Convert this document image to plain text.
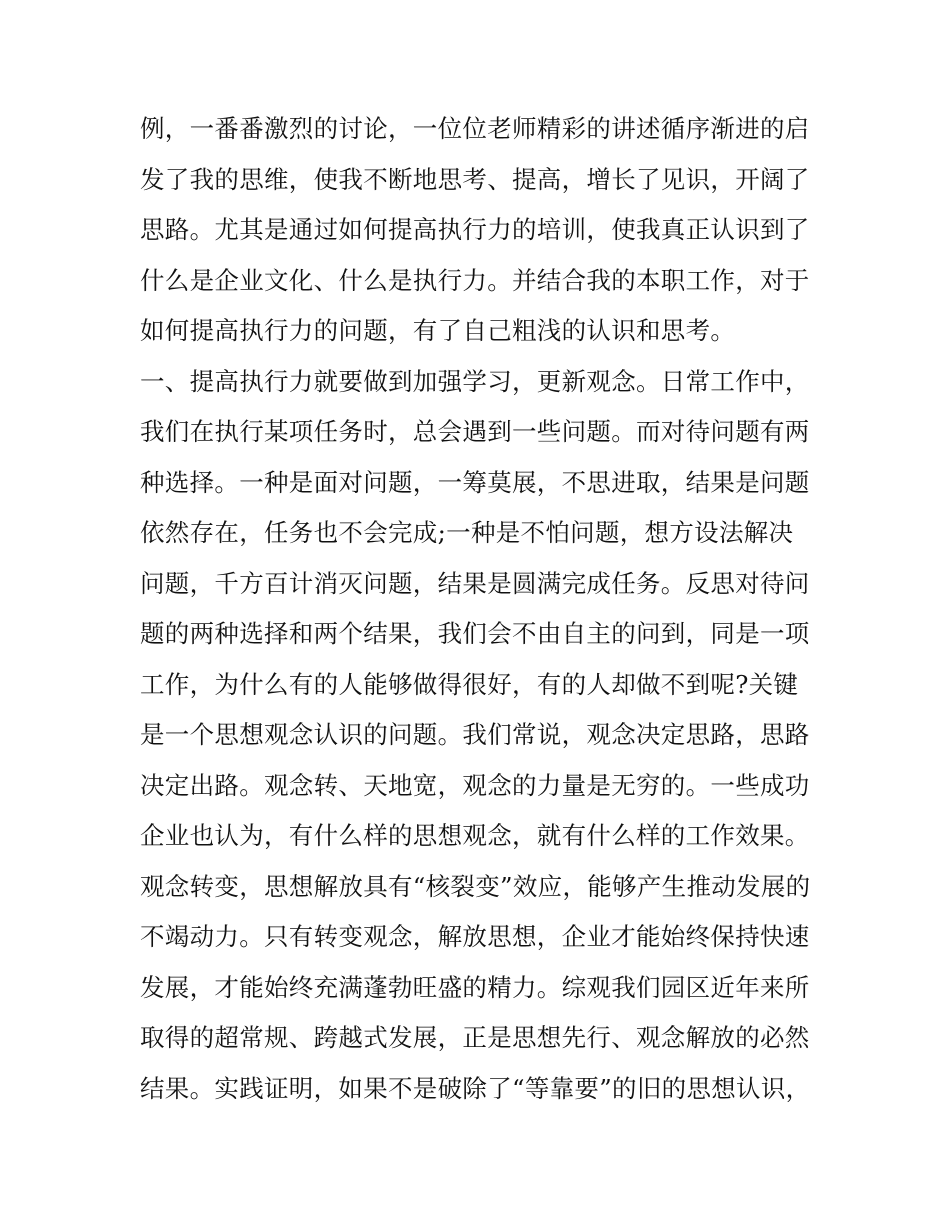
例，一番番激烈的讨论，一位位老师精彩的讲述循序渐进的启
发了我的思维，使我不断地思考、提高，增长了见识，开阔了
思路。尤其是通过如何提高执行力的培训，使我真正认识到了
什么是企业文化、什么是执行力。并结合我的本职工作，对于
如何提高执行力的问题，有了自己粗浅的认识和思考。
一、提高执行力就要做到加强学习，更新观念。日常工作中，
我们在执行某项任务时，总会遇到一些问题。而对待问题有两
种选择。一种是面对问题，一筹莫展，不思进取，结果是问题
依然存在，任务也不会完成;一种是不怕问题，想方设法解决
问题，千方百计消灭问题，结果是圆满完成任务。反思对待问
题的两种选择和两个结果，我们会不由自主的问到，同是一项
工作，为什么有的人能够做得很好，有的人却做不到呢?关键
是一个思想观念认识的问题。我们常说，观念决定思路，思路
决定出路。观念转、天地宽，观念的力量是无穷的。一些成功
企业也认为，有什么样的思想观念，就有什么样的工作效果。
观念转变，思想解放具有“核裂变”效应，能够产生推动发展的
不竭动力。只有转变观念，解放思想，企业才能始终保持快速
发展，才能始终充满蓬勃旺盛的精力。综观我们园区近年来所
取得的超常规、跨越式发展，正是思想先行、观念解放的必然
结果。实践证明，如果不是破除了“等靠要”的旧的思想认识，
